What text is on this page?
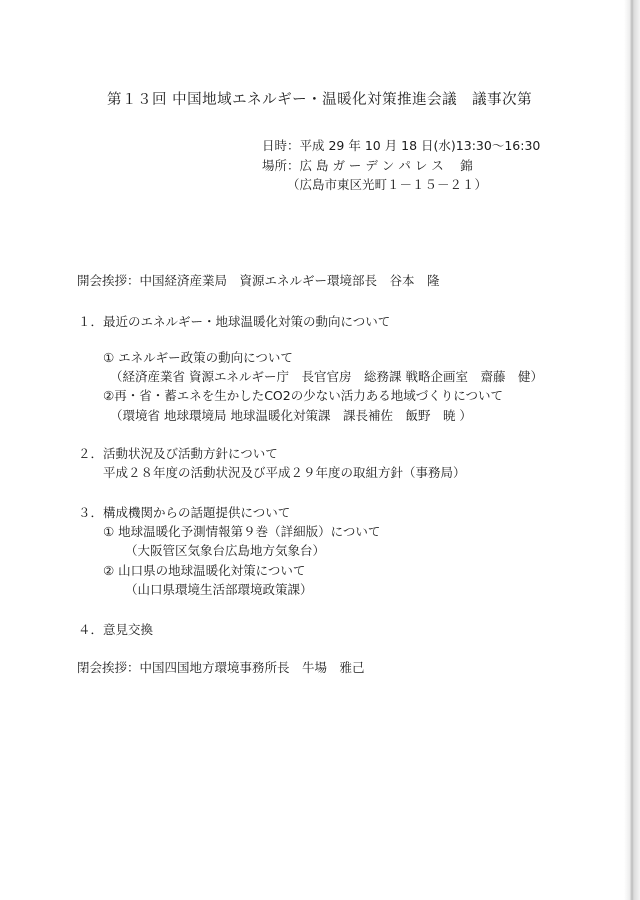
第１３回 中国地域エネルギー・温暖化対策推進会議　議事次第
日時：平成 29 年 10 月 18 日(水)13:30～16:30
場所：広 島 ガ ー デ ン パ レ ス　 錦
（広島市東区光町１－１５－２１）
開会挨拶：中国経済産業局　資源エネルギー環境部長　谷本　隆
１． 最近のエネルギー・地球温暖化対策の動向について
① エネルギー政策の動向について
（経済産業省 資源エネルギー庁　長官官房　総務課 戦略企画室　齋藤　健）
②再・省・蓄エネを生かしたCO2の少ない活力ある地域づくりについて
（環境省 地球環境局 地球温暖化対策課　課長補佐　飯野　暁 ）
２． 活動状況及び活動方針について
平成２８年度の活動状況及び平成２９年度の取組方針（事務局）
３． 構成機関からの話題提供について
① 地球温暖化予測情報第９巻（詳細版）について
（大阪管区気象台広島地方気象台）
② 山口県の地球温暖化対策について
（山口県環境生活部環境政策課）
４． 意見交換
閉会挨拶：中国四国地方環境事務所長　牛場　雅己
